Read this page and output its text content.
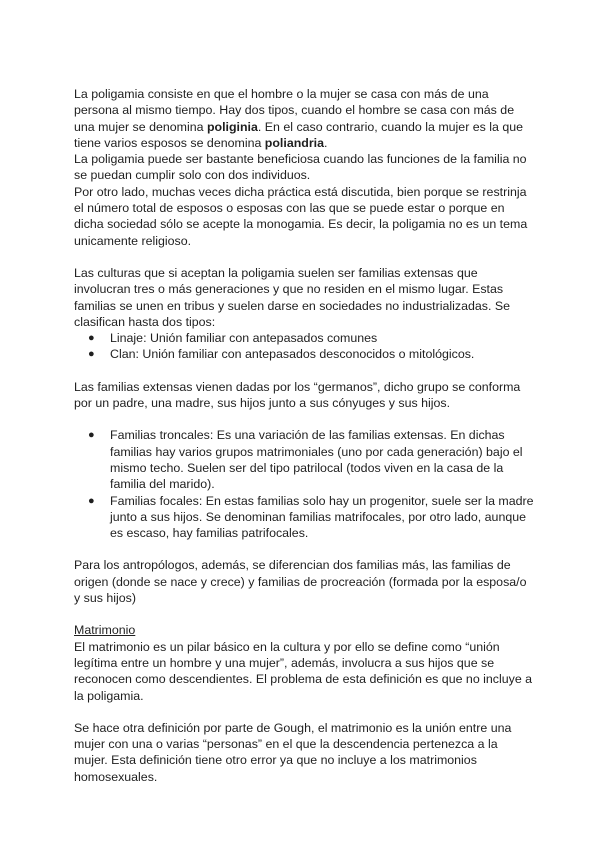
La poligamia consiste en que el hombre o la mujer se casa con más de una persona al mismo tiempo. Hay dos tipos, cuando el hombre se casa con más de una mujer se denomina poliginia. En el caso contrario, cuando la mujer es la que tiene varios esposos se denomina poliandria.

La poligamia puede ser bastante beneficiosa cuando las funciones de la familia no se puedan cumplir solo con dos individuos.

Por otro lado, muchas veces dicha práctica está discutida, bien porque se restrinja el número total de esposos o esposas con las que se puede estar o porque en dicha sociedad sólo se acepte la monogamia. Es decir, la poligamia no es un tema unicamente religioso.

Las culturas que si aceptan la poligamia suelen ser familias extensas que involucran tres o más generaciones y que no residen en el mismo lugar. Estas familias se unen en tribus y suelen darse en sociedades no industrializadas. Se clasifican hasta dos tipos:

● Linaje: Unión familiar con antepasados comunes
● Clan: Unión familiar con antepasados desconocidos o mitológicos.

Las familias extensas vienen dadas por los “germanos”, dicho grupo se conforma por un padre, una madre, sus hijos junto a sus cónyuges y sus hijos.

● Familias troncales: Es una variación de las familias extensas. En dichas familias hay varios grupos matrimoniales (uno por cada generación) bajo el mismo techo. Suelen ser del tipo patrilocal (todos viven en la casa de la familia del marido).
● Familias focales: En estas familias solo hay un progenitor, suele ser la madre junto a sus hijos. Se denominan familias matrifocales, por otro lado, aunque es escaso, hay familias patrifocales.

Para los antropólogos, además, se diferencian dos familias más, las familias de origen (donde se nace y crece) y familias de procreación (formada por la esposa/o y sus hijos)

Matrimonio

El matrimonio es un pilar básico en la cultura y por ello se define como “unión legítima entre un hombre y una mujer”, además, involucra a sus hijos que se reconocen como descendientes. El problema de esta definición es que no incluye a la poligamia.

Se hace otra definición por parte de Gough, el matrimonio es la unión entre una mujer con una o varias “personas” en el que la descendencia pertenezca a la mujer. Esta definición tiene otro error ya que no incluye a los matrimonios homosexuales.
